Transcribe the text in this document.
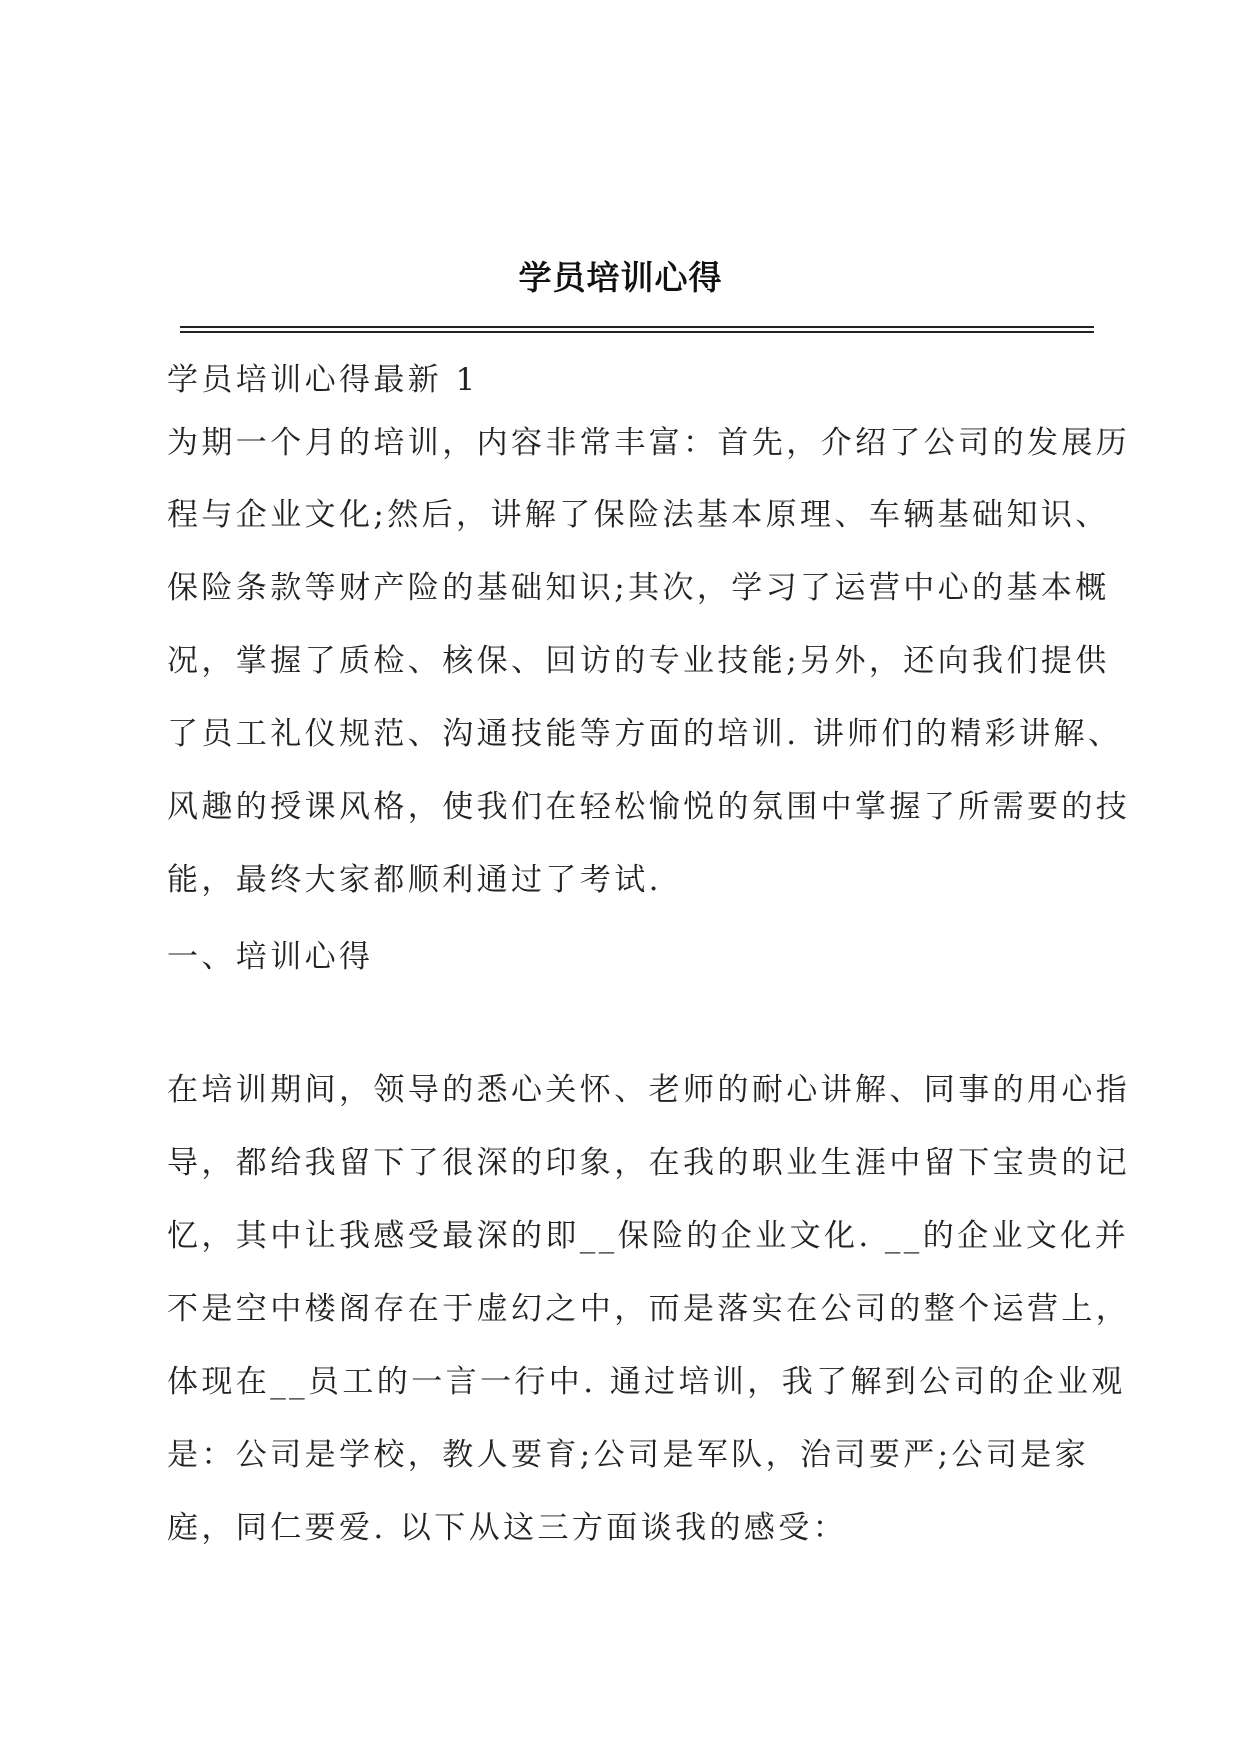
学员培训心得
学员培训心得最新 1
为期一个月的培训，内容非常丰富：首先，介绍了公司的发展历
程与企业文化;然后，讲解了保险法基本原理、车辆基础知识、
保险条款等财产险的基础知识;其次，学习了运营中心的基本概
况，掌握了质检、核保、回访的专业技能;另外，还向我们提供
了员工礼仪规范、沟通技能等方面的培训. 讲师们的精彩讲解、
风趣的授课风格，使我们在轻松愉悦的氛围中掌握了所需要的技
能，最终大家都顺利通过了考试.
一、培训心得
在培训期间，领导的悉心关怀、老师的耐心讲解、同事的用心指
导，都给我留下了很深的印象，在我的职业生涯中留下宝贵的记
忆，其中让我感受最深的即__保险的企业文化. __的企业文化并
不是空中楼阁存在于虚幻之中，而是落实在公司的整个运营上，
体现在__员工的一言一行中. 通过培训，我了解到公司的企业观
是：公司是学校，教人要育;公司是军队，治司要严;公司是家
庭，同仁要爱. 以下从这三方面谈我的感受：
